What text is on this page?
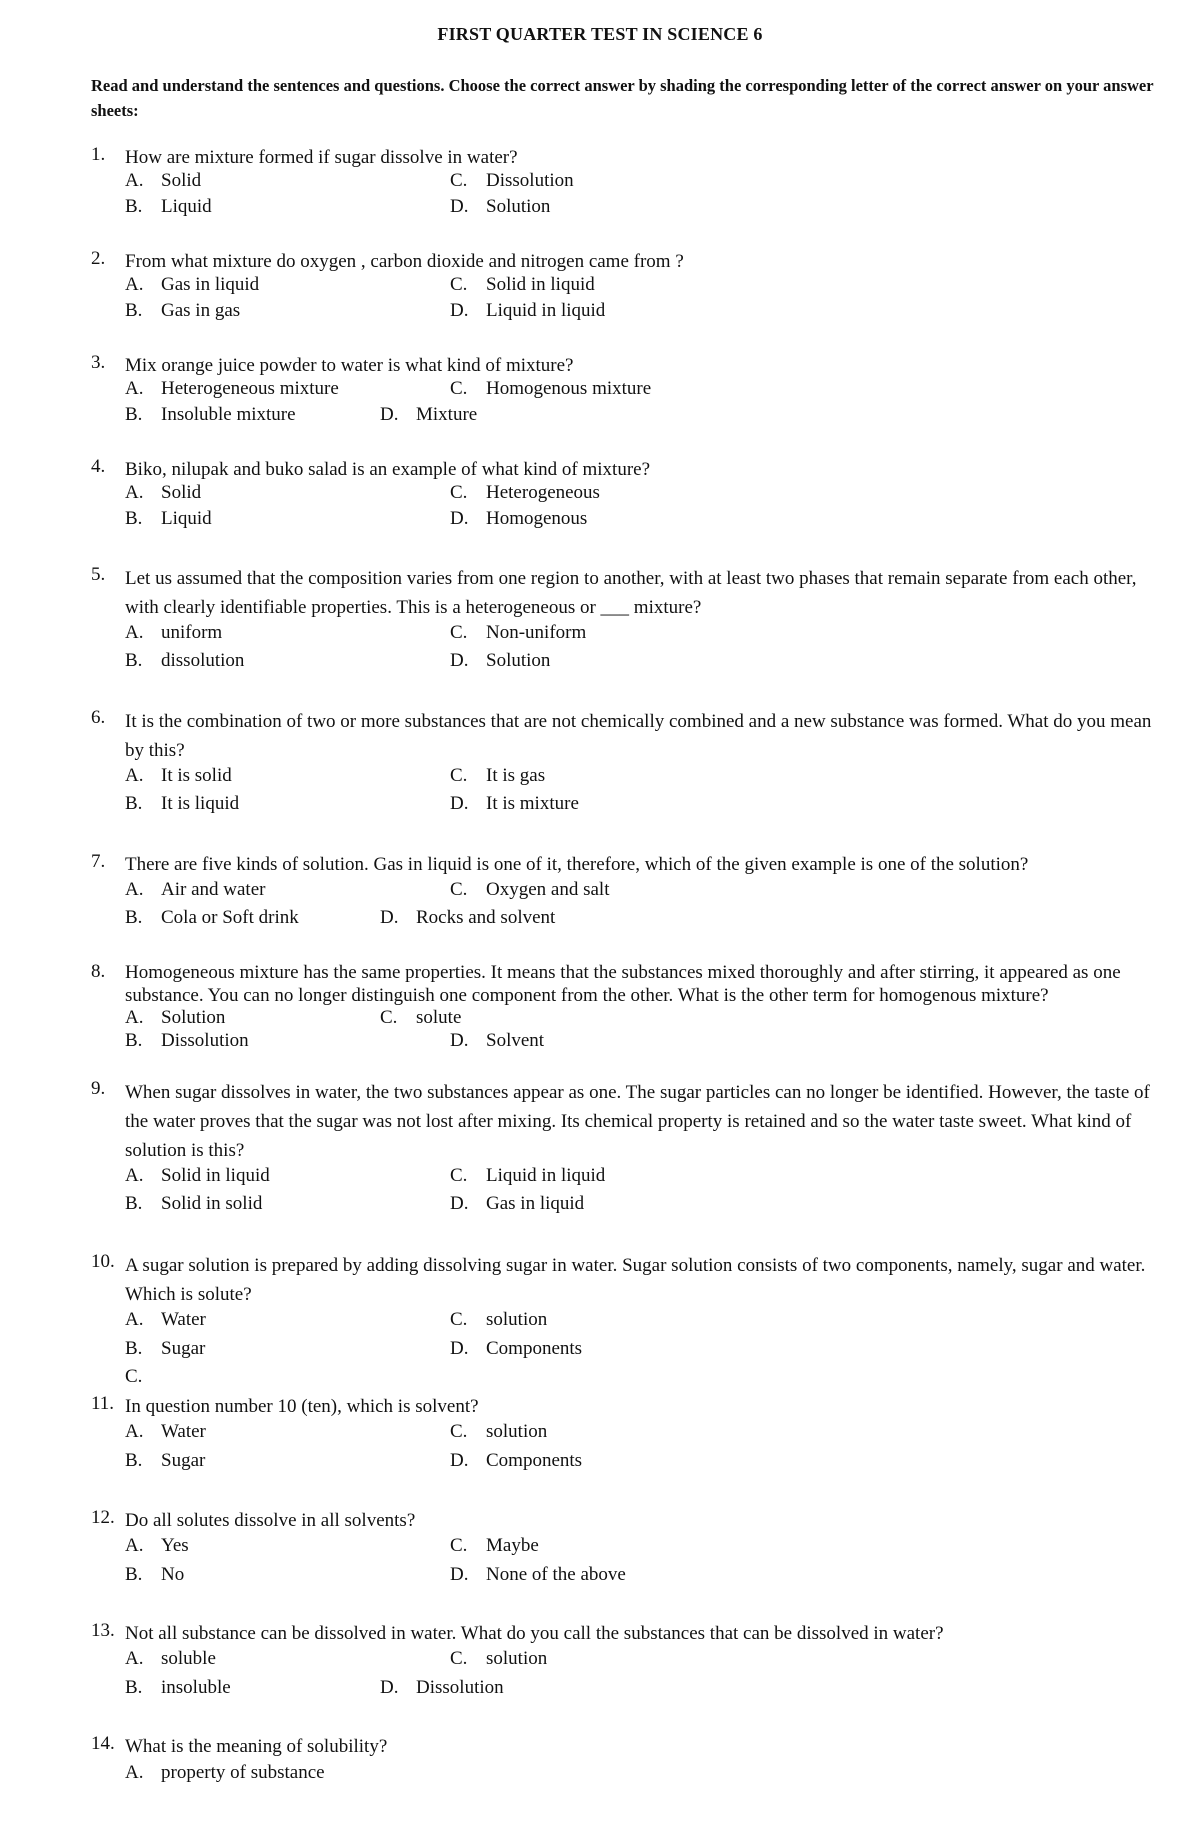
FIRST QUARTER TEST IN SCIENCE 6
Read and understand the sentences and questions. Choose the correct answer by shading the corresponding letter of the correct answer on your answer sheets:
1. How are mixture formed if sugar dissolve in water?
A. Solid	C. Dissolution
B. Liquid	D. Solution
2. From what mixture do oxygen , carbon dioxide and nitrogen came from ?
A. Gas in liquid	C. Solid in liquid
B. Gas in gas	D. Liquid in liquid
3. Mix orange juice powder to water is what kind of mixture?
A. Heterogeneous mixture	C. Homogenous mixture
B. Insoluble mixture	D. Mixture
4. Biko, nilupak and buko salad is an example of what kind of mixture?
A. Solid	C. Heterogeneous
B. Liquid	D. Homogenous
5. Let us assumed that the composition varies from one region to another, with at least two phases that remain separate from each other, with clearly identifiable properties. This is a heterogeneous or ___ mixture?
A. uniform	C. Non-uniform
B. dissolution	D. Solution
6. It is the combination of two or more substances that are not chemically combined and a new substance was formed. What do you mean by this?
A. It is solid	C. It is gas
B. It is liquid	D. It is mixture
7. There are five kinds of solution. Gas in liquid is one of it, therefore, which of the given example is one of the solution?
A. Air and water	C. Oxygen and salt
B. Cola or Soft drink	D. Rocks and solvent
8. Homogeneous mixture has the same properties. It means that the substances mixed thoroughly and after stirring, it appeared as one substance. You can no longer distinguish one component from the other. What is the other term for homogenous mixture?
A. Solution	C. solute
B. Dissolution	D. Solvent
9. When sugar dissolves in water, the two substances appear as one. The sugar particles can no longer be identified. However, the taste of the water proves that the sugar was not lost after mixing. Its chemical property is retained and so the water taste sweet. What kind of solution is this?
A. Solid in liquid	C. Liquid in liquid
B. Solid in solid	D. Gas in liquid
10. A sugar solution is prepared by adding dissolving sugar in water. Sugar solution consists of two components, namely, sugar and water. Which is solute?
A. Water	C. solution
B. Sugar	D. Components
C.
11. In question number 10 (ten), which is solvent?
A. Water	C. solution
B. Sugar	D. Components
12. Do all solutes dissolve in all solvents?
A. Yes	C. Maybe
B. No	D. None of the above
13. Not all substance can be dissolved in water. What do you call the substances that can be dissolved in water?
A. soluble	C. solution
B. insoluble	D. Dissolution
14. What is the meaning of solubility?
A. property of substance
